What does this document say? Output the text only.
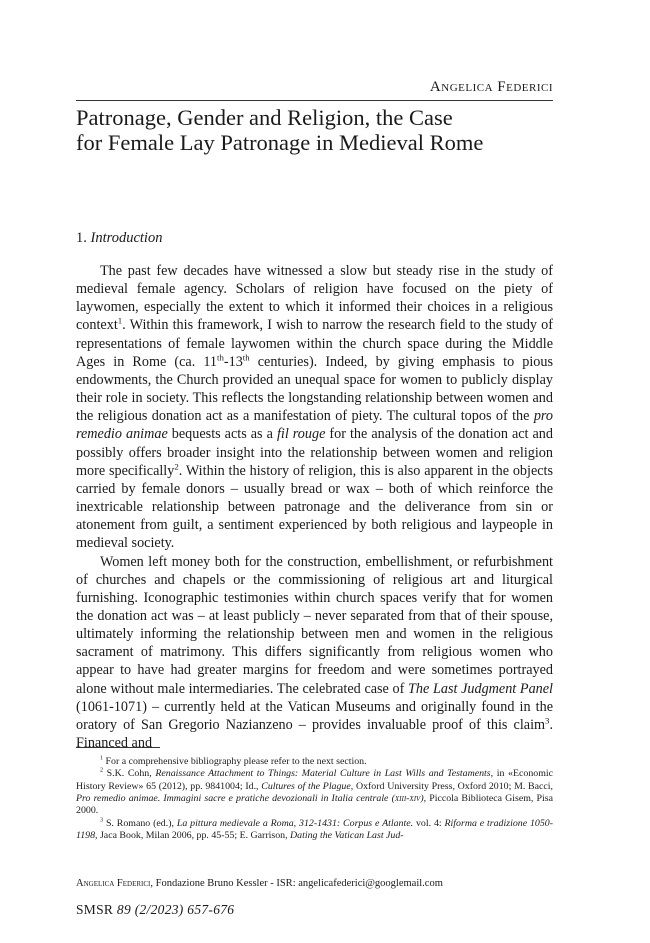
Angelica Federici
Patronage, Gender and Religion, the Case
for Female Lay Patronage in Medieval Rome
1. Introduction

The past few decades have witnessed a slow but steady rise in the study of medieval female agency. Scholars of religion have focused on the piety of laywomen, especially the extent to which it informed their choices in a religious context$^1$. Within this framework, I wish to narrow the research field to the study of representations of female laywomen within the church space during the Middle Ages in Rome (ca. 11th-13th centuries). Indeed, by giving emphasis to pious endowments, the Church provided an unequal space for women to publicly display their role in society. This reflects the longstanding relationship between women and the religious donation act as a manifestation of piety. The cultural topos of the pro remedio animae bequests acts as a fil rouge for the analysis of the donation act and possibly offers broader insight into the relationship between women and religion more specifically$^2$. Within the history of religion, this is also apparent in the objects carried by female donors – usually bread or wax – both of which reinforce the inextricable relationship between patronage and the deliverance from sin or atonement from guilt, a sentiment experienced by both religious and laypeople in medieval society.

Women left money both for the construction, embellishment, or refurbishment of churches and chapels or the commissioning of religious art and liturgical furnishing. Iconographic testimonies within church spaces verify that for women the donation act was – at least publicly – never separated from that of their spouse, ultimately informing the relationship between men and women in the religious sacrament of matrimony. This differs significantly from religious women who appear to have had greater margins for freedom and were sometimes portrayed alone without male intermediaries. The celebrated case of The Last Judgment Panel (1061-1071) – currently held at the Vatican Museums and originally found in the oratory of San Gregorio Nazianzeno – provides invaluable proof of this claim$^3$. Financed and

$^1$ For a comprehensive bibliography please refer to the next section.

$^2$ S.K. Cohn, Renaissance Attachment to Things: Material Culture in Last Wills and Testaments, in «Economic History Review» 65 (2012), pp. 9841004; Id., Cultures of the Plague, Oxford University Press, Oxford 2010; M. Bacci, Pro remedio animae. Immagini sacre e pratiche devozionali in Italia centrale (xiii-xiv), Piccola Biblioteca Gisem, Pisa 2000.

$^3$ S. Romano (ed.), La pittura medievale a Roma, 312-1431: Corpus e Atlante. vol. 4: Riforma e tradizione 1050-1198, Jaca Book, Milan 2006, pp. 45-55; E. Garrison, Dating the Vatican Last Jud-

Angelica Federici, Fondazione Bruno Kessler - ISR: angelicafederici@googlemail.com
SMSR 89 (2/2023) 657-676
